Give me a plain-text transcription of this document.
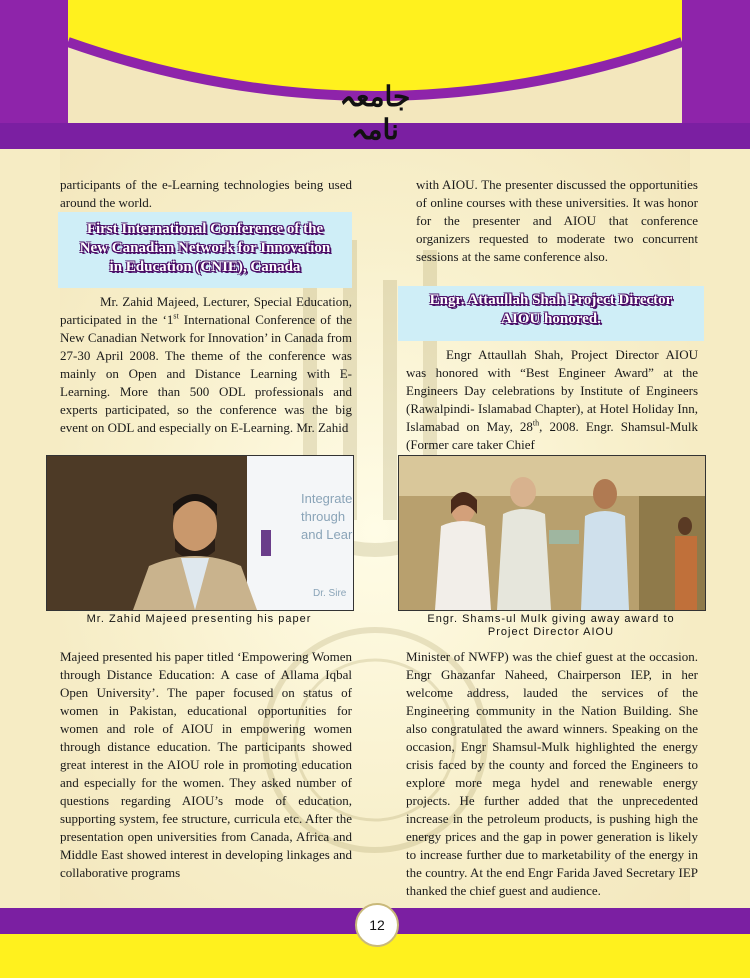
جامعہ نامہ
participants of the e-Learning technologies being used around the world.
First International Conference of the
New Canadian Network for Innovation
in Education (CNIE), Canada

Mr. Zahid Majeed, Lecturer, Special Education, participated in the ‘1st International Conference of the New Canadian Network for Innovation’ in Canada from 27-30 April 2008. The theme of the conference was mainly on Open and Distance Learning with E-Learning. More than 500 ODL professionals and experts participated, so the conference was the big event on ODL and especially on E-Learning. Mr. Zahid

Integrate
through
and Lear
Dr. Sire
Mr. Zahid Majeed presenting his paper
Majeed presented his paper titled ‘Empowering Women through Distance Education: A case of Allama Iqbal Open University’. The paper focused on status of women in Pakistan, educational opportunities for women and role of AIOU in empowering women through distance education. The participants showed great interest in the AIOU role in promoting education and especially for the women. They asked number of questions regarding AIOU’s mode of education, supporting system, fee structure, curricula etc. After the presentation open universities from Canada, Africa and Middle East showed interest in developing linkages and collaborative programs
with AIOU. The presenter discussed the opportunities of online courses with these universities. It was honor for the presenter and AIOU that conference organizers requested to moderate two concurrent sessions at the same conference also.
Engr. Attaullah Shah Project Director
AIOU honored.

Engr Attaullah Shah, Project Director AIOU was honored with “Best Engineer Award” at the Engineers Day celebrations by Institute of Engineers (Rawalpindi- Islamabad Chapter), at Hotel Holiday Inn, Islamabad on May, 28th, 2008. Engr. Shamsul-Mulk (Former care taker Chief

Engr. Shams-ul Mulk giving away award to
Project Director AIOU
Minister of NWFP) was the chief guest at the occasion. Engr Ghazanfar Naheed, Chairperson IEP, in her welcome address, lauded the services of the Engineering community in the Nation Building. She also congratulated the award winners. Speaking on the occasion, Engr Shamsul-Mulk highlighted the energy crisis faced by the county and forced the Engineers to explore more mega hydel and renewable energy projects. He further added that the unprecedented increase in the petroleum products, is pushing high the energy prices and the gap in power generation is likely to increase further due to marketability of the energy in the country. At the end Engr Farida Javed Secretary IEP thanked the chief guest and audience.
12
